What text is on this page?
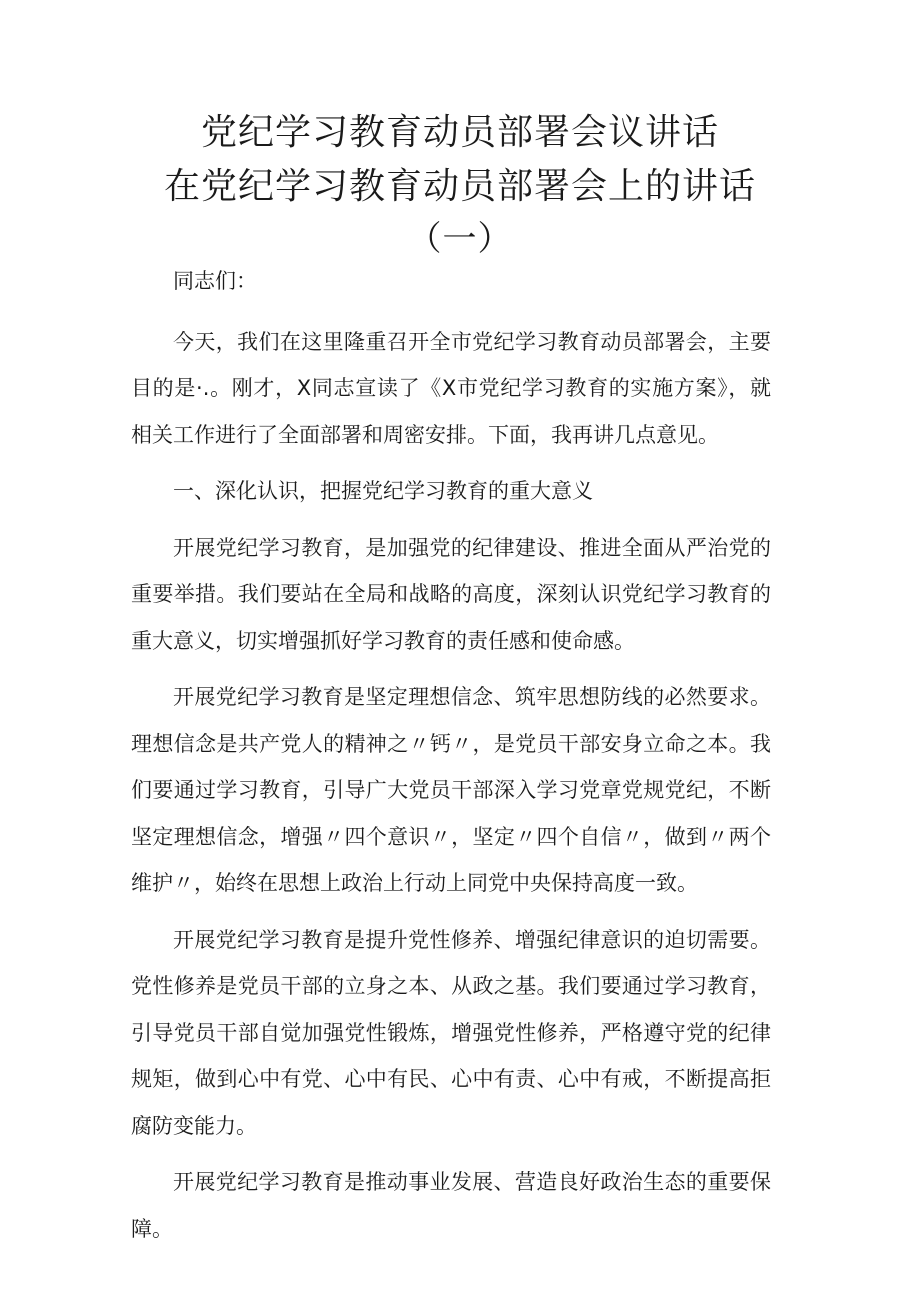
党纪学习教育动员部署会议讲话
在党纪学习教育动员部署会上的讲话
（一）

同志们：

今天，我们在这里隆重召开全市党纪学习教育动员部署会，主要目的是·.。刚才，X同志宣读了《X市党纪学习教育的实施方案》，就相关工作进行了全面部署和周密安排。下面，我再讲几点意见。

一、深化认识，把握党纪学习教育的重大意义

开展党纪学习教育，是加强党的纪律建设、推进全面从严治党的重要举措。我们要站在全局和战略的高度，深刻认识党纪学习教育的重大意义，切实增强抓好学习教育的责任感和使命感。

开展党纪学习教育是坚定理想信念、筑牢思想防线的必然要求。理想信念是共产党人的精神之〃钙〃，是党员干部安身立命之本。我们要通过学习教育，引导广大党员干部深入学习党章党规党纪，不断坚定理想信念，增强〃四个意识〃，坚定〃四个自信〃，做到〃两个维护〃，始终在思想上政治上行动上同党中央保持高度一致。

开展党纪学习教育是提升党性修养、增强纪律意识的迫切需要。党性修养是党员干部的立身之本、从政之基。我们要通过学习教育，引导党员干部自觉加强党性锻炼，增强党性修养，严格遵守党的纪律规矩，做到心中有党、心中有民、心中有责、心中有戒，不断提高拒腐防变能力。

开展党纪学习教育是推动事业发展、营造良好政治生态的重要保障。
